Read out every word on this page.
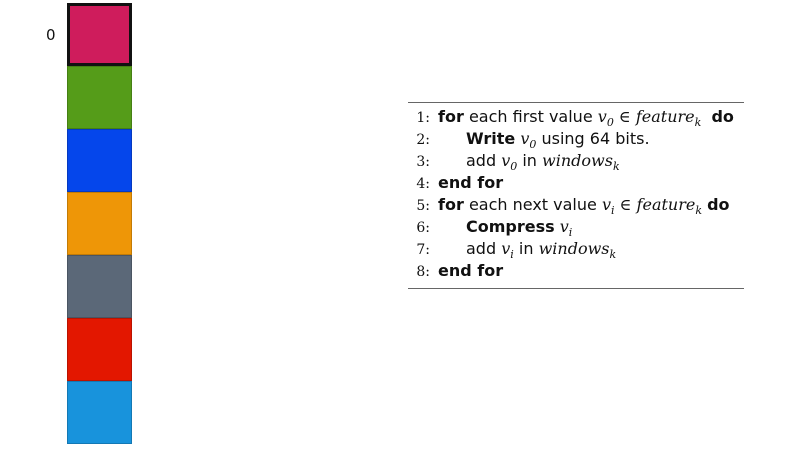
0
1: for each first value $v_0$ ∈ feature$_k$ do
2:	Write $v_0$ using 64 bits.
3:	add $v_0$ in windows$_k$
4: end for
5: for each next value $v_i$ ∈ feature$_k$ do
6:	Compress $v_i$
7:	add $v_i$ in windows$_k$
8: end for
